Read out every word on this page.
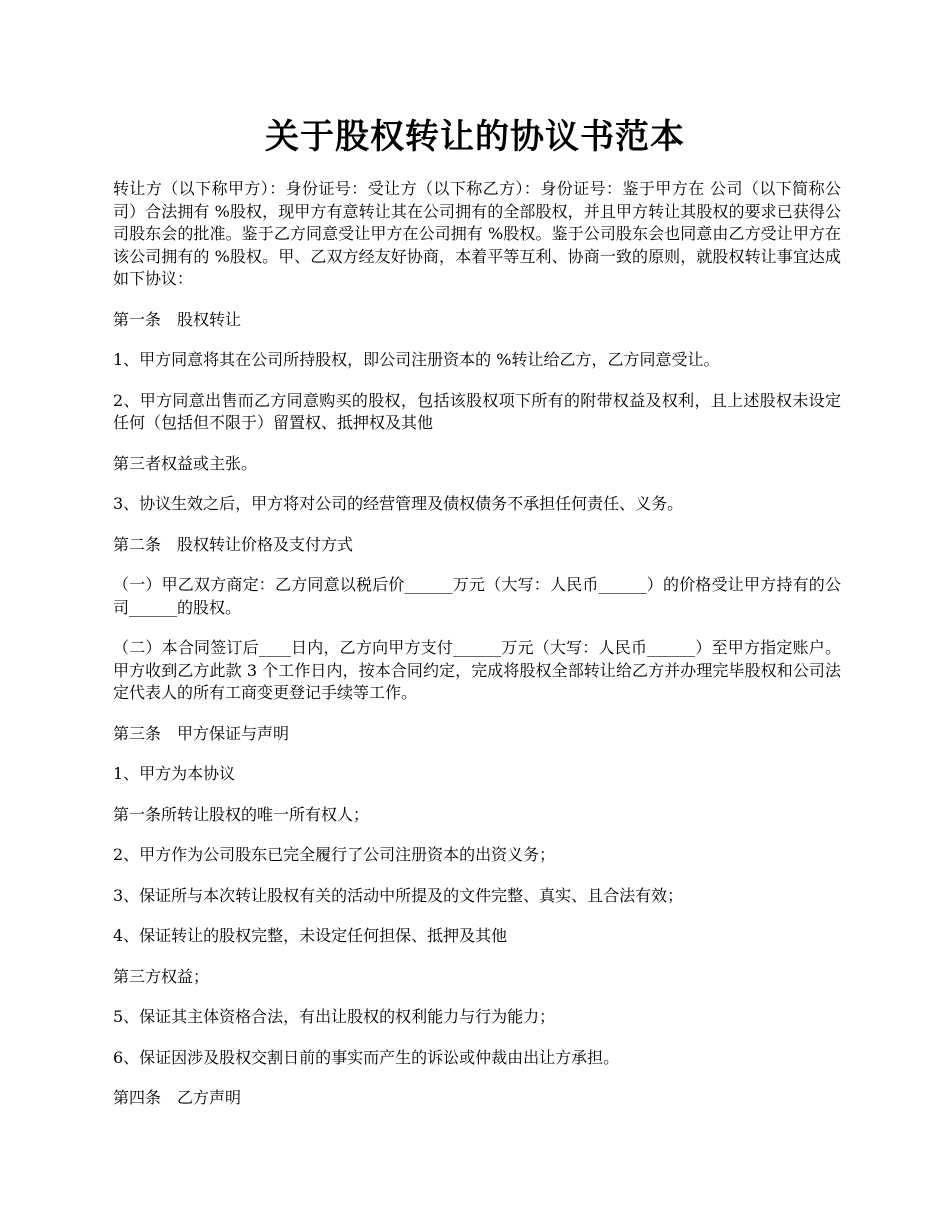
关于股权转让的协议书范本

转让方（以下称甲方）：身份证号：受让方（以下称乙方）：身份证号：鉴于甲方在 公司（以下简称公司）合法拥有 %股权，现甲方有意转让其在公司拥有的全部股权，并且甲方转让其股权的要求已获得公司股东会的批准。鉴于乙方同意受让甲方在公司拥有 %股权。鉴于公司股东会也同意由乙方受让甲方在该公司拥有的 %股权。甲、乙双方经友好协商，本着平等互利、协商一致的原则，就股权转让事宜达成如下协议：

第一条　股权转让

1、甲方同意将其在公司所持股权，即公司注册资本的 %转让给乙方，乙方同意受让。

2、甲方同意出售而乙方同意购买的股权，包括该股权项下所有的附带权益及权利，且上述股权未设定任何（包括但不限于）留置权、抵押权及其他

第三者权益或主张。

3、协议生效之后，甲方将对公司的经营管理及债权债务不承担任何责任、义务。

第二条　股权转让价格及支付方式

（一）甲乙双方商定：乙方同意以税后价______万元（大写：人民币______）的价格受让甲方持有的公司______的股权。

（二）本合同签订后____日内，乙方向甲方支付______万元（大写：人民币______）至甲方指定账户。甲方收到乙方此款 3 个工作日内，按本合同约定，完成将股权全部转让给乙方并办理完毕股权和公司法定代表人的所有工商变更登记手续等工作。

第三条　甲方保证与声明

1、甲方为本协议

第一条所转让股权的唯一所有权人；

2、甲方作为公司股东已完全履行了公司注册资本的出资义务；

3、保证所与本次转让股权有关的活动中所提及的文件完整、真实、且合法有效；

4、保证转让的股权完整，未设定任何担保、抵押及其他

第三方权益；

5、保证其主体资格合法，有出让股权的权利能力与行为能力；

6、保证因涉及股权交割日前的事实而产生的诉讼或仲裁由出让方承担。

第四条　乙方声明
